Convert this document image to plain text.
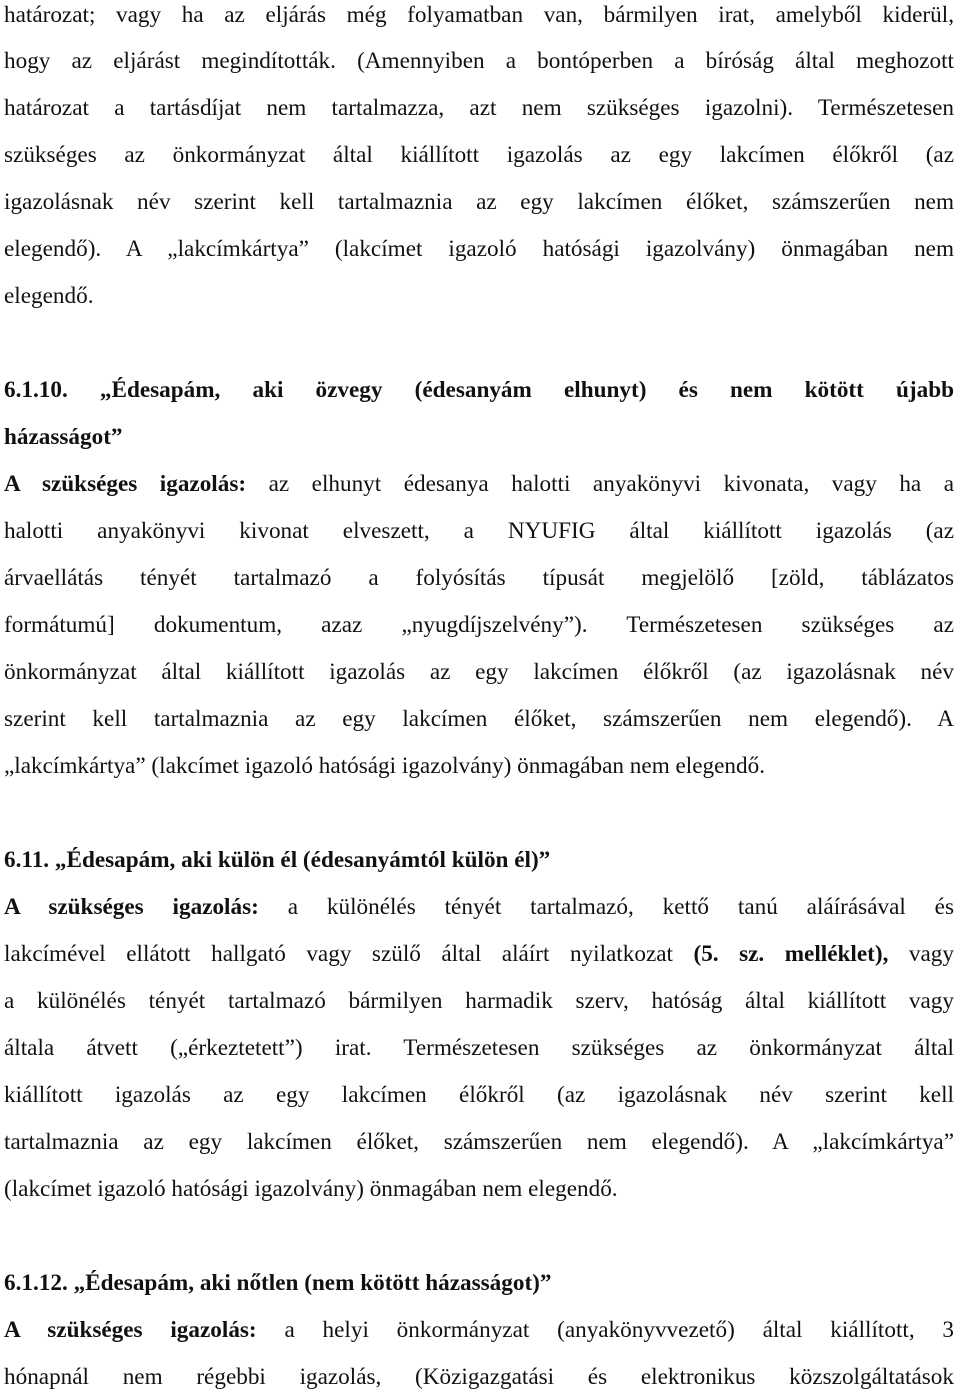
határozat; vagy ha az eljárás még folyamatban van, bármilyen irat, amelyből kiderül,
hogy az eljárást megindították. (Amennyiben a bontóperben a bíróság által meghozott
határozat a tartásdíjat nem tartalmazza, azt nem szükséges igazolni). Természetesen
szükséges az önkormányzat által kiállított igazolás az egy lakcímen élőkről (az
igazolásnak név szerint kell tartalmaznia az egy lakcímen élőket, számszerűen nem
elegendő). A „lakcímkártya” (lakcímet igazoló hatósági igazolvány) önmagában nem
elegendő.
6.1.10. „Édesapám, aki özvegy (édesanyám elhunyt) és nem kötött újabb
házasságot”
A szükséges igazolás: az elhunyt édesanya halotti anyakönyvi kivonata, vagy ha a
halotti anyakönyvi kivonat elveszett, a NYUFIG által kiállított igazolás (az
árvaellátás tényét tartalmazó a folyósítás típusát megjelölő [zöld, táblázatos
formátumú] dokumentum, azaz „nyugdíjszelvény”). Természetesen szükséges az
önkormányzat által kiállított igazolás az egy lakcímen élőkről (az igazolásnak név
szerint kell tartalmaznia az egy lakcímen élőket, számszerűen nem elegendő). A
„lakcímkártya” (lakcímet igazoló hatósági igazolvány) önmagában nem elegendő.
6.11. „Édesapám, aki külön él (édesanyámtól külön él)”
A szükséges igazolás: a különélés tényét tartalmazó, kettő tanú aláírásával és
lakcímével ellátott hallgató vagy szülő által aláírt nyilatkozat (5. sz. melléklet), vagy
a különélés tényét tartalmazó bármilyen harmadik szerv, hatóság által kiállított vagy
általa átvett („érkeztetett”) irat. Természetesen szükséges az önkormányzat által
kiállított igazolás az egy lakcímen élőkről (az igazolásnak név szerint kell
tartalmaznia az egy lakcímen élőket, számszerűen nem elegendő). A „lakcímkártya”
(lakcímet igazoló hatósági igazolvány) önmagában nem elegendő.
6.1.12. „Édesapám, aki nőtlen (nem kötött házasságot)”
A szükséges igazolás: a helyi önkormányzat (anyakönyvvezető) által kiállított, 3
hónapnál nem régebbi igazolás, (Közigazgatási és elektronikus közszolgáltatások
